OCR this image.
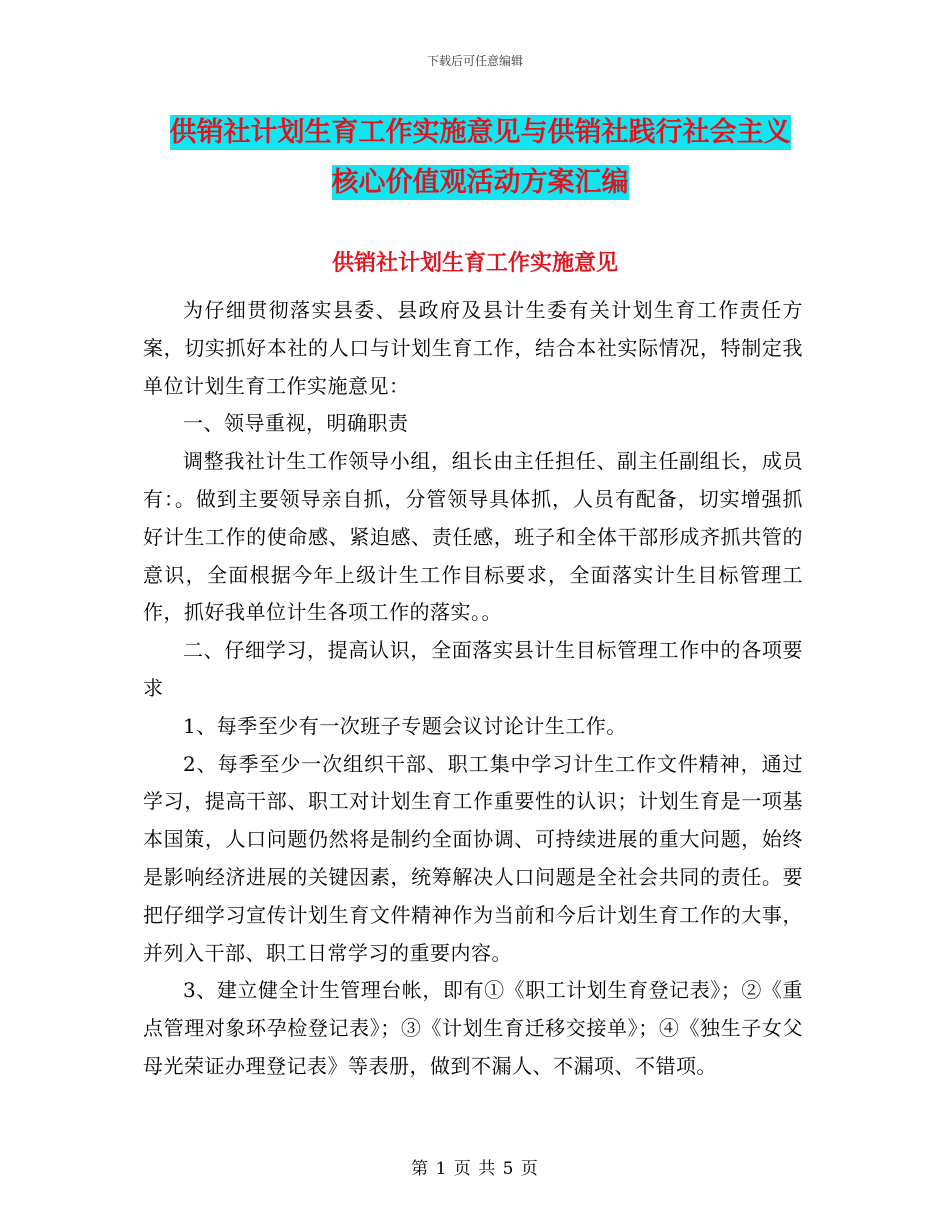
下载后可任意编辑
供销社计划生育工作实施意见与供销社践行社会主义
核心价值观活动方案汇编
供销社计划生育工作实施意见

为仔细贯彻落实县委、县政府及县计生委有关计划生育工作责任方案，切实抓好本社的人口与计划生育工作，结合本社实际情况，特制定我单位计划生育工作实施意见：

一、领导重视，明确职责

调整我社计生工作领导小组，组长由主任担任、副主任副组长，成员有：。做到主要领导亲自抓，分管领导具体抓，人员有配备，切实增强抓好计生工作的使命感、紧迫感、责任感，班子和全体干部形成齐抓共管的意识，全面根据今年上级计生工作目标要求，全面落实计生目标管理工作，抓好我单位计生各项工作的落实。。

二、仔细学习，提高认识，全面落实县计生目标管理工作中的各项要求

1、每季至少有一次班子专题会议讨论计生工作。

2、每季至少一次组织干部、职工集中学习计生工作文件精神，通过学习，提高干部、职工对计划生育工作重要性的认识；计划生育是一项基本国策，人口问题仍然将是制约全面协调、可持续进展的重大问题，始终是影响经济进展的关键因素，统筹解决人口问题是全社会共同的责任。要把仔细学习宣传计划生育文件精神作为当前和今后计划生育工作的大事，并列入干部、职工日常学习的重要内容。

3、建立健全计生管理台帐，即有①《职工计划生育登记表》；②《重点管理对象环孕检登记表》；③《计划生育迁移交接单》；④《独生子女父母光荣证办理登记表》等表册，做到不漏人、不漏项、不错项。

第 1 页 共 5 页
